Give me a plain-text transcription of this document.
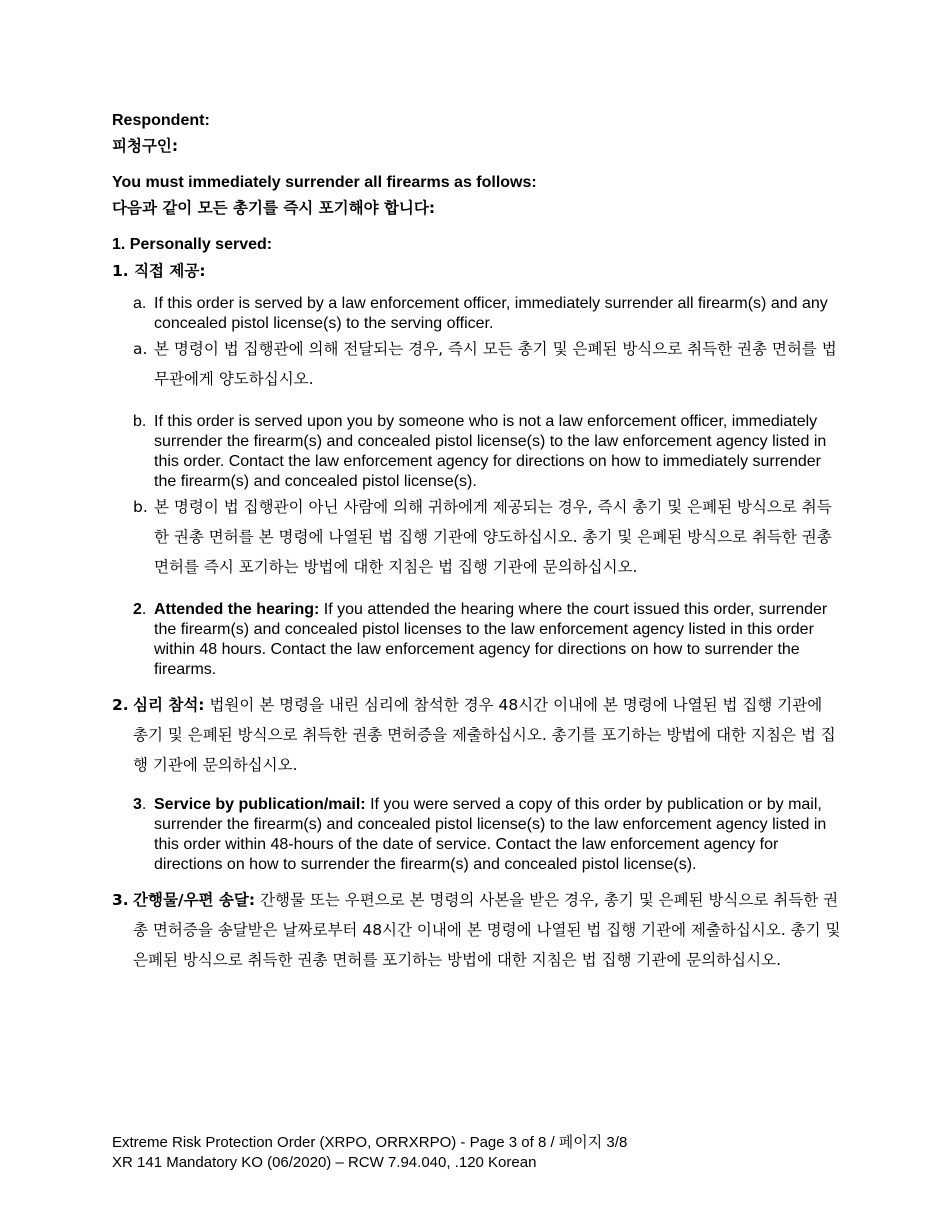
Respondent:
피청구인:
You must immediately surrender all firearms as follows:
다음과 같이 모든 총기를 즉시 포기해야 합니다:
1. Personally served:
1. 직접 제공:
a. If this order is served by a law enforcement officer, immediately surrender all firearm(s) and any concealed pistol license(s) to the serving officer.
a. 본 명령이 법 집행관에 의해 전달되는 경우, 즉시 모든 총기 및 은폐된 방식으로 취득한 권총 면허를 법무관에게 양도하십시오.
b. If this order is served upon you by someone who is not a law enforcement officer, immediately surrender the firearm(s) and concealed pistol license(s) to the law enforcement agency listed in this order. Contact the law enforcement agency for directions on how to immediately surrender the firearm(s) and concealed pistol license(s).
b. 본 명령이 법 집행관이 아닌 사람에 의해 귀하에게 제공되는 경우, 즉시 총기 및 은폐된 방식으로 취득한 권총 면허를 본 명령에 나열된 법 집행 기관에 양도하십시오. 총기 및 은폐된 방식으로 취득한 권총 면허를 즉시 포기하는 방법에 대한 지침은 법 집행 기관에 문의하십시오.
2. Attended the hearing: If you attended the hearing where the court issued this order, surrender the firearm(s) and concealed pistol licenses to the law enforcement agency listed in this order within 48 hours. Contact the law enforcement agency for directions on how to surrender the firearms.
2. 심리 참석: 법원이 본 명령을 내린 심리에 참석한 경우 48시간 이내에 본 명령에 나열된 법 집행 기관에 총기 및 은폐된 방식으로 취득한 권총 면허증을 제출하십시오. 총기를 포기하는 방법에 대한 지침은 법 집행 기관에 문의하십시오.
3. Service by publication/mail: If you were served a copy of this order by publication or by mail, surrender the firearm(s) and concealed pistol license(s) to the law enforcement agency listed in this order within 48-hours of the date of service. Contact the law enforcement agency for directions on how to surrender the firearm(s) and concealed pistol license(s).
3. 간행물/우편 송달: 간행물 또는 우편으로 본 명령의 사본을 받은 경우, 총기 및 은폐된 방식으로 취득한 권총 면허증을 송달받은 날짜로부터 48시간 이내에 본 명령에 나열된 법 집행 기관에 제출하십시오. 총기 및 은폐된 방식으로 취득한 권총 면허를 포기하는 방법에 대한 지침은 법 집행 기관에 문의하십시오.
Extreme Risk Protection Order (XRPO, ORRXRPO) - Page 3 of 8 / 페이지 3/8
XR 141 Mandatory KO (06/2020) – RCW 7.94.040, .120 Korean
